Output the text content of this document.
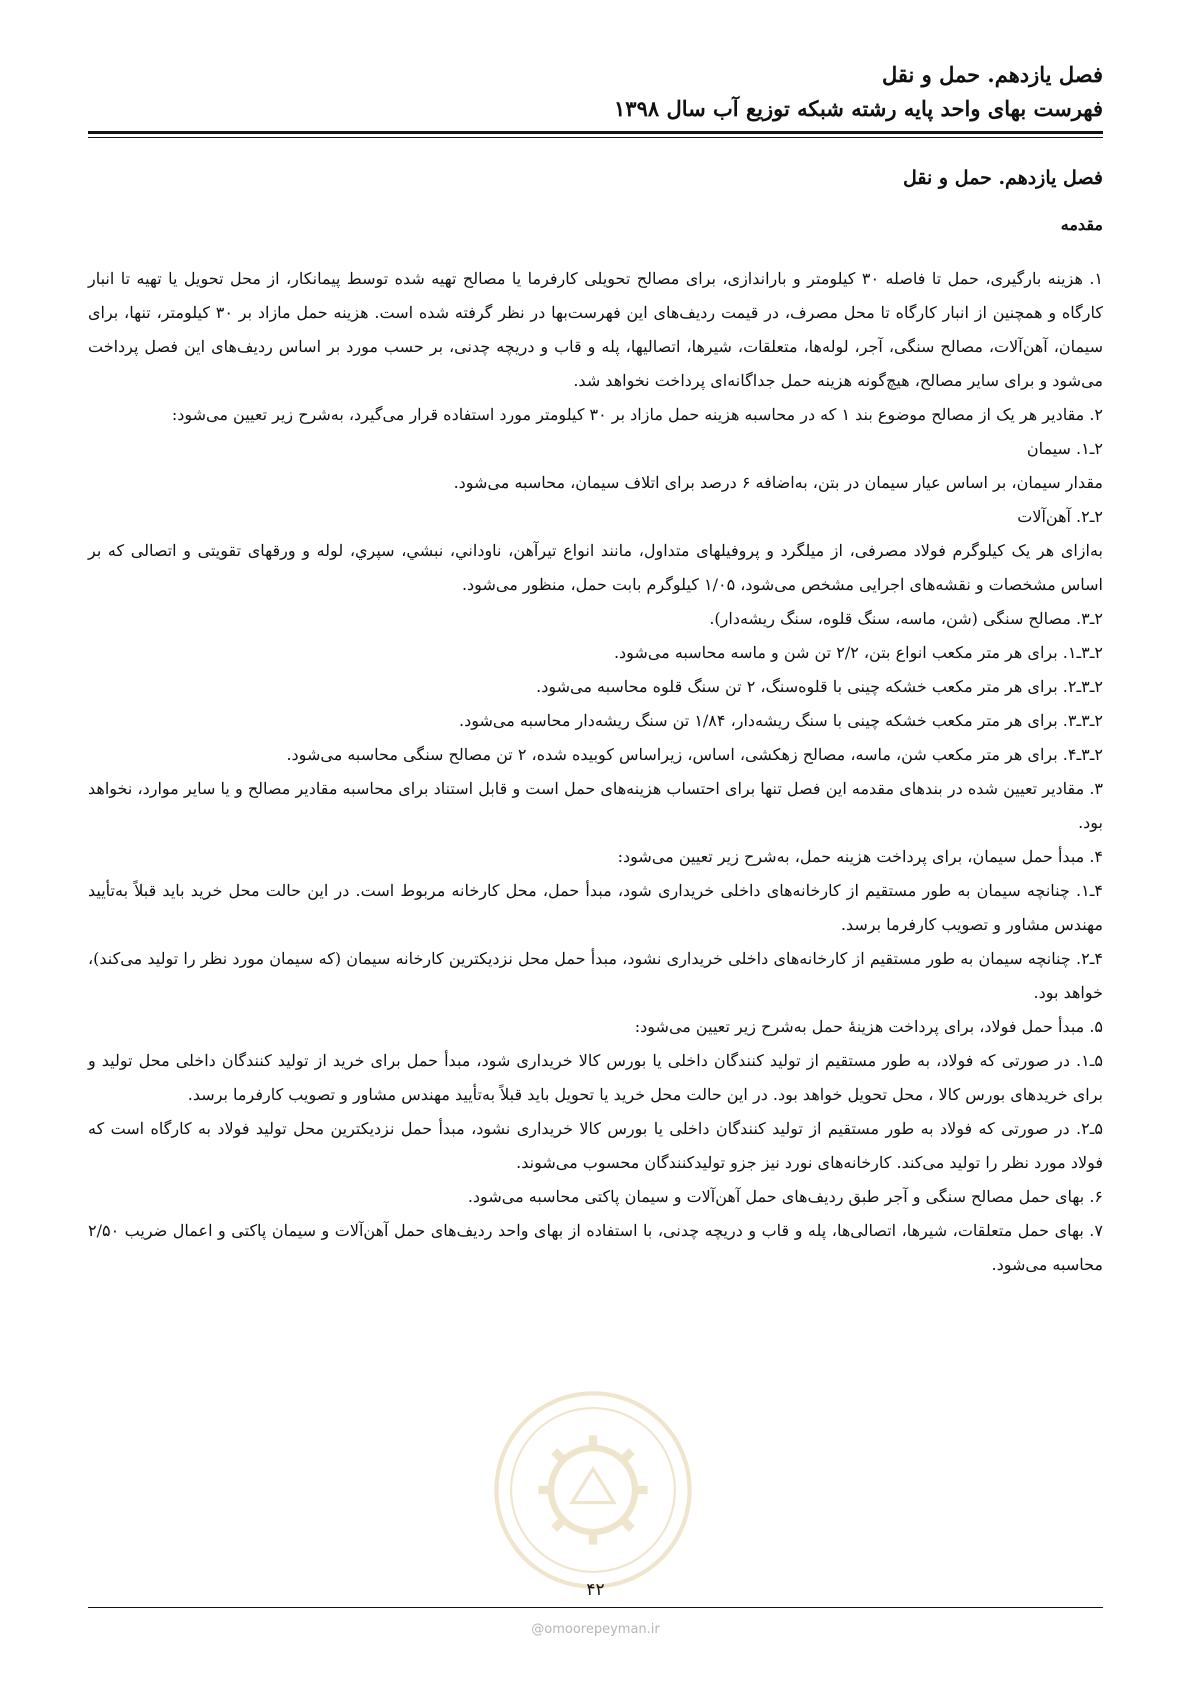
فصل یازدهم. حمل و نقل
فهرست بهای واحد پایه رشته شبکه توزیع آب سال ۱۳۹۸
فصل یازدهم. حمل و نقل
مقدمه

۱. هزینه بارگیری، حمل تا فاصله ۳۰ کیلومتر و باراندازی، برای مصالح تحویلی کارفرما یا مصالح تهیه شده توسط پیمانکار، از محل تحویل یا تهیه تا انبار کارگاه و همچنین از انبار کارگاه تا محل مصرف، در قیمت ردیف‌های این فهرست‌بها در نظر گرفته شده است. هزینه حمل مازاد بر ۳۰ کیلومتر، تنها، برای سیمان، آهن‌آلات، مصالح سنگی، آجر، لوله‌ها، متعلقات، شیرها، اتصالیها، پله و قاب و دریچه چدنی، بر حسب مورد بر اساس ردیف‌های این فصل پرداخت می‌شود و برای سایر مصالح، هیچ‌گونه هزینه حمل جداگانه‌ای پرداخت نخواهد شد.

۲. مقادیر هر یک از مصالح موضوع بند ۱ که در محاسبه هزینه حمل مازاد بر ۳۰ کیلومتر مورد استفاده قرار می‌گیرد، به‌شرح زیر تعیین می‌شود:

۲ـ۱. سیمان

مقدار سیمان، بر اساس عیار سیمان در بتن، به‌اضافه ۶ درصد برای اتلاف سیمان، محاسبه می‌شود.

۲ـ۲. آهن‌آلات

به‌ازای هر یک کیلوگرم فولاد مصرفی، از میلگرد و پروفیلهای متداول، مانند انواع تیرآهن، ناوداني، نبشي، سپري، لوله و ورقهای تقویتی و اتصالی که بر اساس مشخصات و نقشه‌های اجرایی مشخص می‌شود، ۱/۰۵ کیلوگرم بابت حمل، منظور می‌شود.

۲ـ۳. مصالح سنگی (شن، ماسه، سنگ قلوه، سنگ ریشه‌دار).

۲ـ۳ـ۱. برای هر متر مکعب انواع بتن، ۲/۲ تن شن و ماسه محاسبه می‌شود.

۲ـ۳ـ۲. برای هر متر مکعب خشکه چینی با قلوه‌سنگ، ۲ تن سنگ قلوه محاسبه می‌شود.

۲ـ۳ـ۳. برای هر متر مکعب خشکه چینی با سنگ ریشه‌دار، ۱/۸۴ تن سنگ ریشه‌دار محاسبه می‌شود.

۲ـ۳ـ۴. برای هر متر مکعب شن، ماسه، مصالح زهکشی، اساس، زیراساس کوبیده شده، ۲ تن مصالح سنگی محاسبه می‌شود.

۳. مقادیر تعیین شده در بندهای مقدمه این فصل تنها برای احتساب هزینه‌های حمل است و قابل استناد برای محاسبه مقادیر مصالح و یا سایر موارد، نخواهد بود.

۴. مبدأ حمل سیمان، برای پرداخت هزینه حمل، به‌شرح زیر تعیین می‌شود:

۴ـ۱. چنانچه سیمان به طور مستقیم از کارخانه‌های داخلی خریداری شود، مبدأ حمل، محل کارخانه مربوط است. در این حالت محل خرید باید قبلاً به‌تأیید مهندس مشاور و تصویب کارفرما برسد.

۴ـ۲. چنانچه سیمان به طور مستقیم از کارخانه‌های داخلی خریداری نشود، مبدأ حمل محل نزدیکترین کارخانه سیمان (که سیمان مورد نظر را تولید می‌کند)، خواهد بود.

۵. مبدأ حمل فولاد، برای پرداخت هزینۀ حمل به‌شرح زیر تعیین می‌شود:

۵ـ۱. در صورتی که فولاد، به طور مستقیم از تولید کنندگان داخلی یا بورس کالا خریداری شود، مبدأ حمل برای خرید از تولید کنندگان داخلی محل تولید و برای خریدهای بورس کالا ، محل تحویل خواهد بود. در این حالت محل خرید یا تحویل باید قبلاً به‌تأیید مهندس مشاور و تصویب کارفرما برسد.

۵ـ۲. در صورتی که فولاد به طور مستقیم از تولید کنندگان داخلی یا بورس کالا خریداری نشود، مبدأ حمل نزدیکترین محل تولید فولاد به کارگاه است که فولاد مورد نظر را تولید می‌کند. کارخانه‌های نورد نیز جزو تولیدکنندگان محسوب می‌شوند.

۶. بهای حمل مصالح سنگی و آجر طبق ردیف‌های حمل آهن‌آلات و سیمان پاکتی محاسبه می‌شود.

۷. بهای حمل متعلقات، شیرها، اتصالی‌ها، پله و قاب و دریچه چدنی، با استفاده از بهای واحد ردیف‌های حمل آهن‌آلات و سیمان پاکتی و اعمال ضریب ۲/۵۰ محاسبه می‌شود.

۴۲
@omoorepeyman.ir
